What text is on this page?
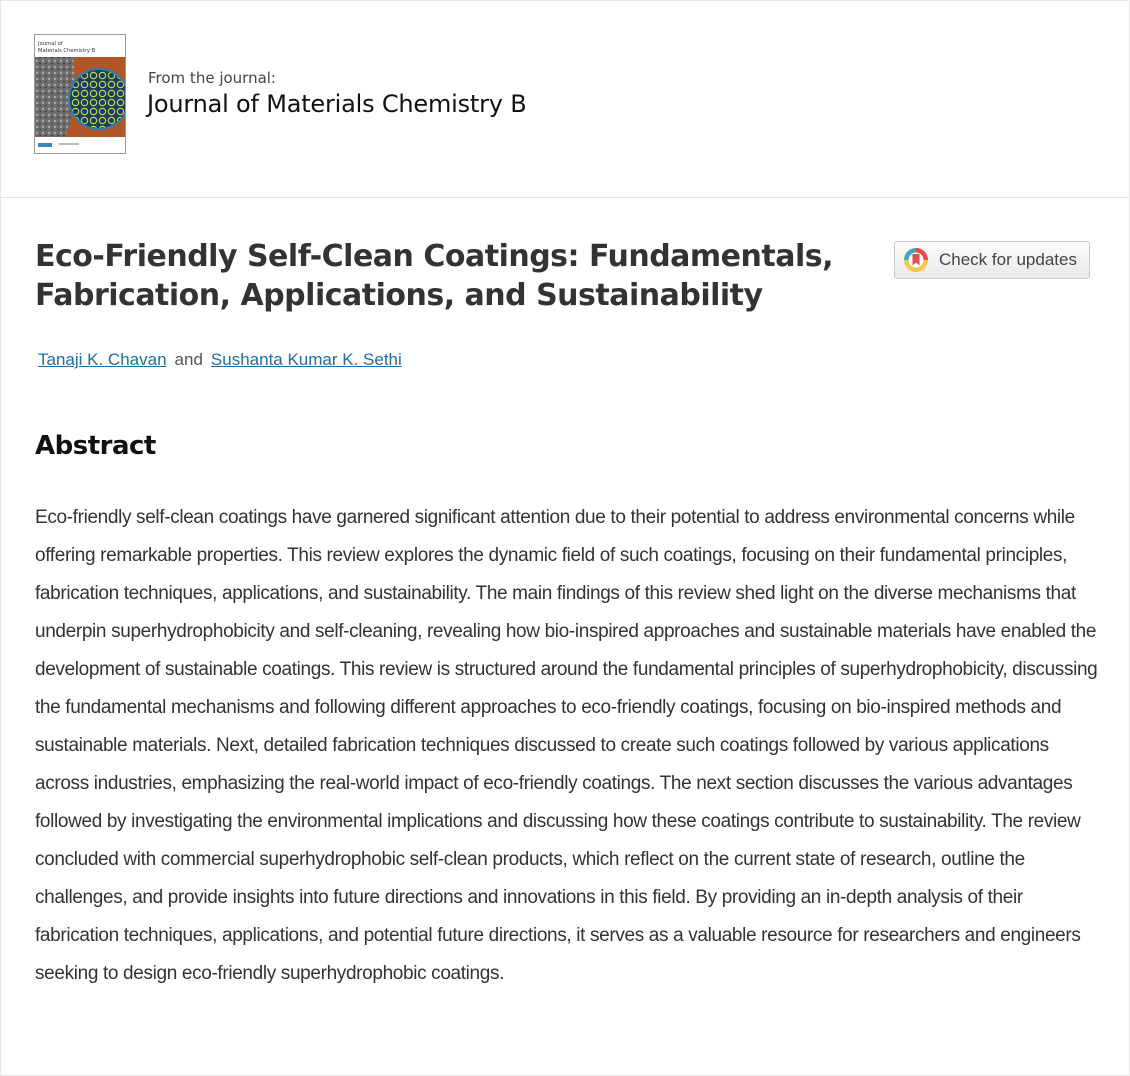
Journal of
Materials Chemistry B
From the journal:
Journal of Materials Chemistry B
Eco-Friendly Self-Clean Coatings: Fundamentals, Fabrication, Applications, and Sustainability
Check for updates
Tanaji K. Chavan and Sushanta Kumar K. Sethi
Abstract

Eco-friendly self-clean coatings have garnered significant attention due to their potential to address environmental concerns while offering remarkable properties. This review explores the dynamic field of such coatings, focusing on their fundamental principles, fabrication techniques, applications, and sustainability. The main findings of this review shed light on the diverse mechanisms that underpin superhydrophobicity and self-cleaning, revealing how bio-inspired approaches and sustainable materials have enabled the development of sustainable coatings. This review is structured around the fundamental principles of superhydrophobicity, discussing the fundamental mechanisms and following different approaches to eco-friendly coatings, focusing on bio-inspired methods and sustainable materials. Next, detailed fabrication techniques discussed to create such coatings followed by various applications across industries, emphasizing the real-world impact of eco-friendly coatings. The next section discusses the various advantages followed by investigating the environmental implications and discussing how these coatings contribute to sustainability. The review concluded with commercial superhydrophobic self-clean products, which reflect on the current state of research, outline the challenges, and provide insights into future directions and innovations in this field. By providing an in-depth analysis of their fabrication techniques, applications, and potential future directions, it serves as a valuable resource for researchers and engineers seeking to design eco-friendly superhydrophobic coatings.
